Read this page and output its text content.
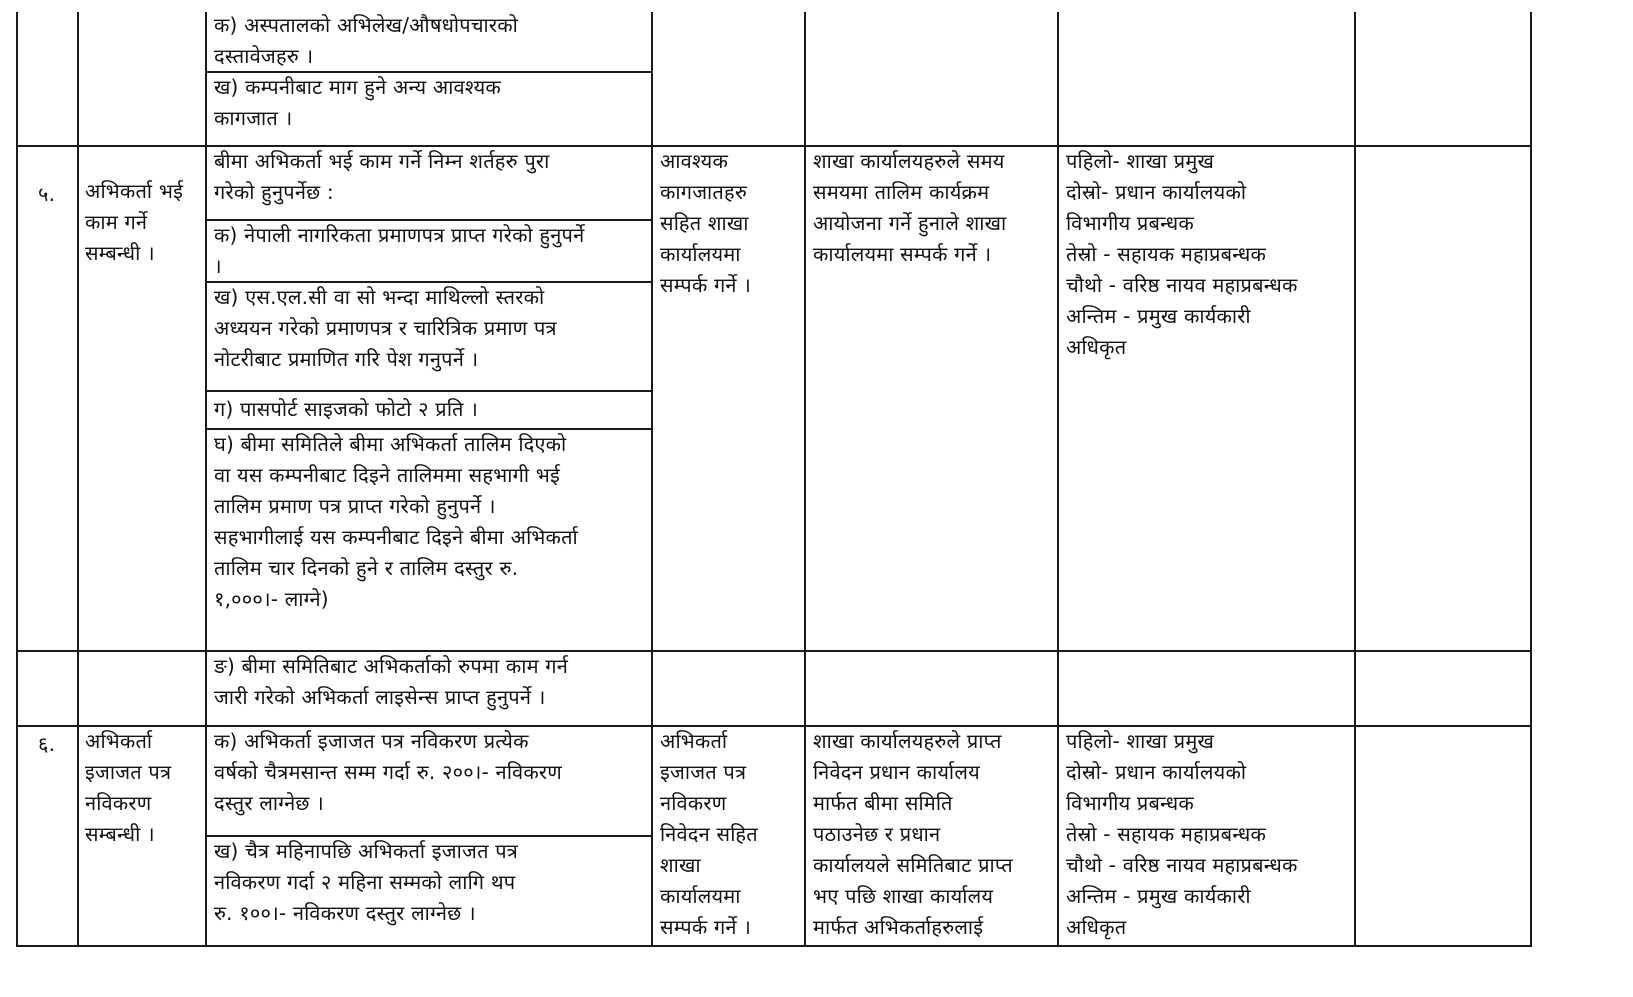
क) अस्पतालको अभिलेख/औषधोपचारको
दस्तावेजहरु ।
ख) कम्पनीबाट माग हुने अन्य आवश्यक
कागजात ।
५. अभिकर्ता भई
काम गर्ने
सम्बन्धी ।
बीमा अभिकर्ता भई काम गर्ने निम्न शर्तहरु पुरा
गरेको हुनुपर्नेछ :
क) नेपाली नागरिकता प्रमाणपत्र प्राप्त गरेको हुनुपर्ने
।
ख) एस.एल.सी वा सो भन्दा माथिल्लो स्तरको
अध्ययन गरेको प्रमाणपत्र र चारित्रिक प्रमाण पत्र
नोटरीबाट प्रमाणित गरि पेश गनुपर्ने ।
ग) पासपोर्ट साइजको फोटो २ प्रति ।
घ) बीमा समितिले बीमा अभिकर्ता तालिम दिएको
वा यस कम्पनीबाट दिइने तालिममा सहभागी भई
तालिम प्रमाण पत्र प्राप्त गरेको हुनुपर्ने ।
सहभागीलाई यस कम्पनीबाट दिइने बीमा अभिकर्ता
तालिम चार दिनको हुने र तालिम दस्तुर रु.
१,०००।- लाग्ने)
ङ) बीमा समितिबाट अभिकर्ताको रुपमा काम गर्न
जारी गरेको अभिकर्ता लाइसेन्स प्राप्त हुनुपर्ने ।
आवश्यक
कागजातहरु
सहित शाखा
कार्यालयमा
सम्पर्क गर्ने ।
शाखा कार्यालयहरुले समय
समयमा तालिम कार्यक्रम
आयोजना गर्ने हुनाले शाखा
कार्यालयमा सम्पर्क गर्ने ।
पहिलो- शाखा प्रमुख
दोस्रो- प्रधान कार्यालयको
विभागीय प्रबन्धक
तेस्रो - सहायक महाप्रबन्धक
चौथो - वरिष्ठ नायव महाप्रबन्धक
अन्तिम - प्रमुख कार्यकारी
अधिकृत
६. अभिकर्ता
इजाजत पत्र
नविकरण
सम्बन्धी ।
क) अभिकर्ता इजाजत पत्र नविकरण प्रत्येक
वर्षको चैत्रमसान्त सम्म गर्दा रु. २००।- नविकरण
दस्तुर लाग्नेछ ।
ख) चैत्र महिनापछि अभिकर्ता इजाजत पत्र
नविकरण गर्दा २ महिना सम्मको लागि थप
रु. १००।- नविकरण दस्तुर लाग्नेछ ।
अभिकर्ता
इजाजत पत्र
नविकरण
निवेदन सहित
शाखा
कार्यालयमा
सम्पर्क गर्ने ।
शाखा कार्यालयहरुले प्राप्त
निवेदन प्रधान कार्यालय
मार्फत बीमा समिति
पठाउनेछ र प्रधान
कार्यालयले समितिबाट प्राप्त
भए पछि शाखा कार्यालय
मार्फत अभिकर्ताहरुलाई
पहिलो- शाखा प्रमुख
दोस्रो- प्रधान कार्यालयको
विभागीय प्रबन्धक
तेस्रो - सहायक महाप्रबन्धक
चौथो - वरिष्ठ नायव महाप्रबन्धक
अन्तिम - प्रमुख कार्यकारी
अधिकृत
